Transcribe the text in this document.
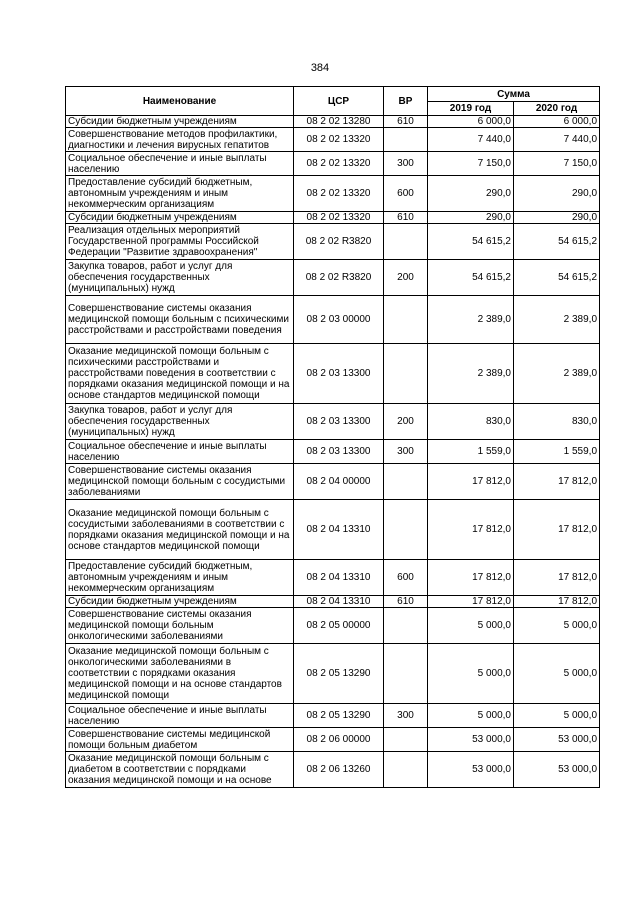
384
Наименование	ЦСР	ВР	Сумма	
			2019 год	2020 год
Субсидии бюджетным учреждениям	08 2 02 13280	610	6 000,0	6 000,0
Совершенствование методов профилактики, диагностики и лечения вирусных гепатитов	08 2 02 13320		7 440,0	7 440,0
Социальное обеспечение и иные выплаты населению	08 2 02 13320	300	7 150,0	7 150,0
Предоставление субсидий бюджетным, автономным учреждениям и иным некоммерческим организациям	08 2 02 13320	600	290,0	290,0
Субсидии бюджетным учреждениям	08 2 02 13320	610	290,0	290,0
Реализация отдельных мероприятий Государственной программы Российской Федерации "Развитие здравоохранения"	08 2 02 R3820		54 615,2	54 615,2
Закупка товаров, работ и услуг для обеспечения государственных (муниципальных) нужд	08 2 02 R3820	200	54 615,2	54 615,2
Совершенствование системы оказания медицинской помощи больным с психическими расстройствами и расстройствами поведения	08 2 03 00000		2 389,0	2 389,0
Оказание медицинской помощи больным с психическими расстройствами и расстройствами поведения в соответствии с порядками оказания медицинской помощи и на основе стандартов медицинской помощи	08 2 03 13300		2 389,0	2 389,0
Закупка товаров, работ и услуг для обеспечения государственных (муниципальных) нужд	08 2 03 13300	200	830,0	830,0
Социальное обеспечение и иные выплаты населению	08 2 03 13300	300	1 559,0	1 559,0
Совершенствование системы оказания медицинской помощи больным с сосудистыми заболеваниями	08 2 04 00000		17 812,0	17 812,0
Оказание медицинской помощи больным с сосудистыми заболеваниями в соответствии с порядками оказания медицинской помощи и на основе стандартов медицинской помощи	08 2 04 13310		17 812,0	17 812,0
Предоставление субсидий бюджетным, автономным учреждениям и иным некоммерческим организациям	08 2 04 13310	600	17 812,0	17 812,0
Субсидии бюджетным учреждениям	08 2 04 13310	610	17 812,0	17 812,0
Совершенствование системы оказания медицинской помощи больным онкологическими заболеваниями	08 2 05 00000		5 000,0	5 000,0
Оказание медицинской помощи больным с онкологическими заболеваниями в соответствии с порядками оказания медицинской помощи и на основе стандартов медицинской помощи	08 2 05 13290		5 000,0	5 000,0
Социальное обеспечение и иные выплаты населению	08 2 05 13290	300	5 000,0	5 000,0
Совершенствование системы медицинской помощи больным диабетом	08 2 06 00000		53 000,0	53 000,0
Оказание медицинской помощи больным с диабетом в соответствии с порядками оказания медицинской помощи и на основе	08 2 06 13260		53 000,0	53 000,0
